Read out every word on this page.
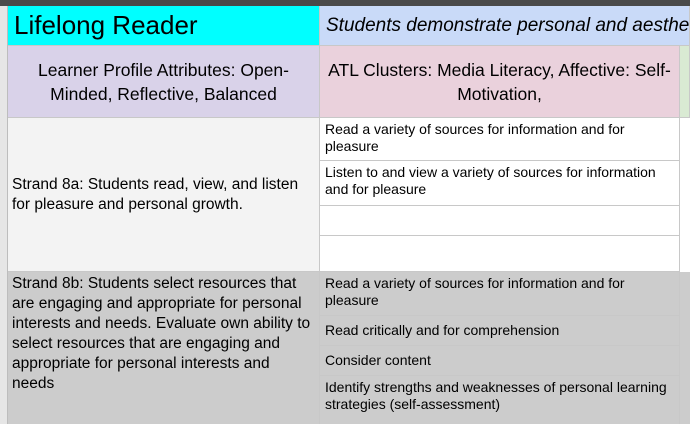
Lifelong Reader	Students demonstrate personal and aesthe
Learner Profile Attributes: Open-Minded, Reflective, Balanced
ATL Clusters: Media Literacy, Affective: Self-Motivation,
Strand 8a: Students read, view, and listen for pleasure and personal growth.
Read a variety of sources for information and for pleasure
Listen to and view a variety of sources for information and for pleasure
Strand 8b: Students select resources that are engaging and appropriate for personal interests and needs. Evaluate own ability to select resources that are engaging and appropriate for personal interests and needs
Read a variety of sources for information and for pleasure
Read critically and for comprehension
Consider content
Identify strengths and weaknesses of personal learning strategies (self-assessment)
